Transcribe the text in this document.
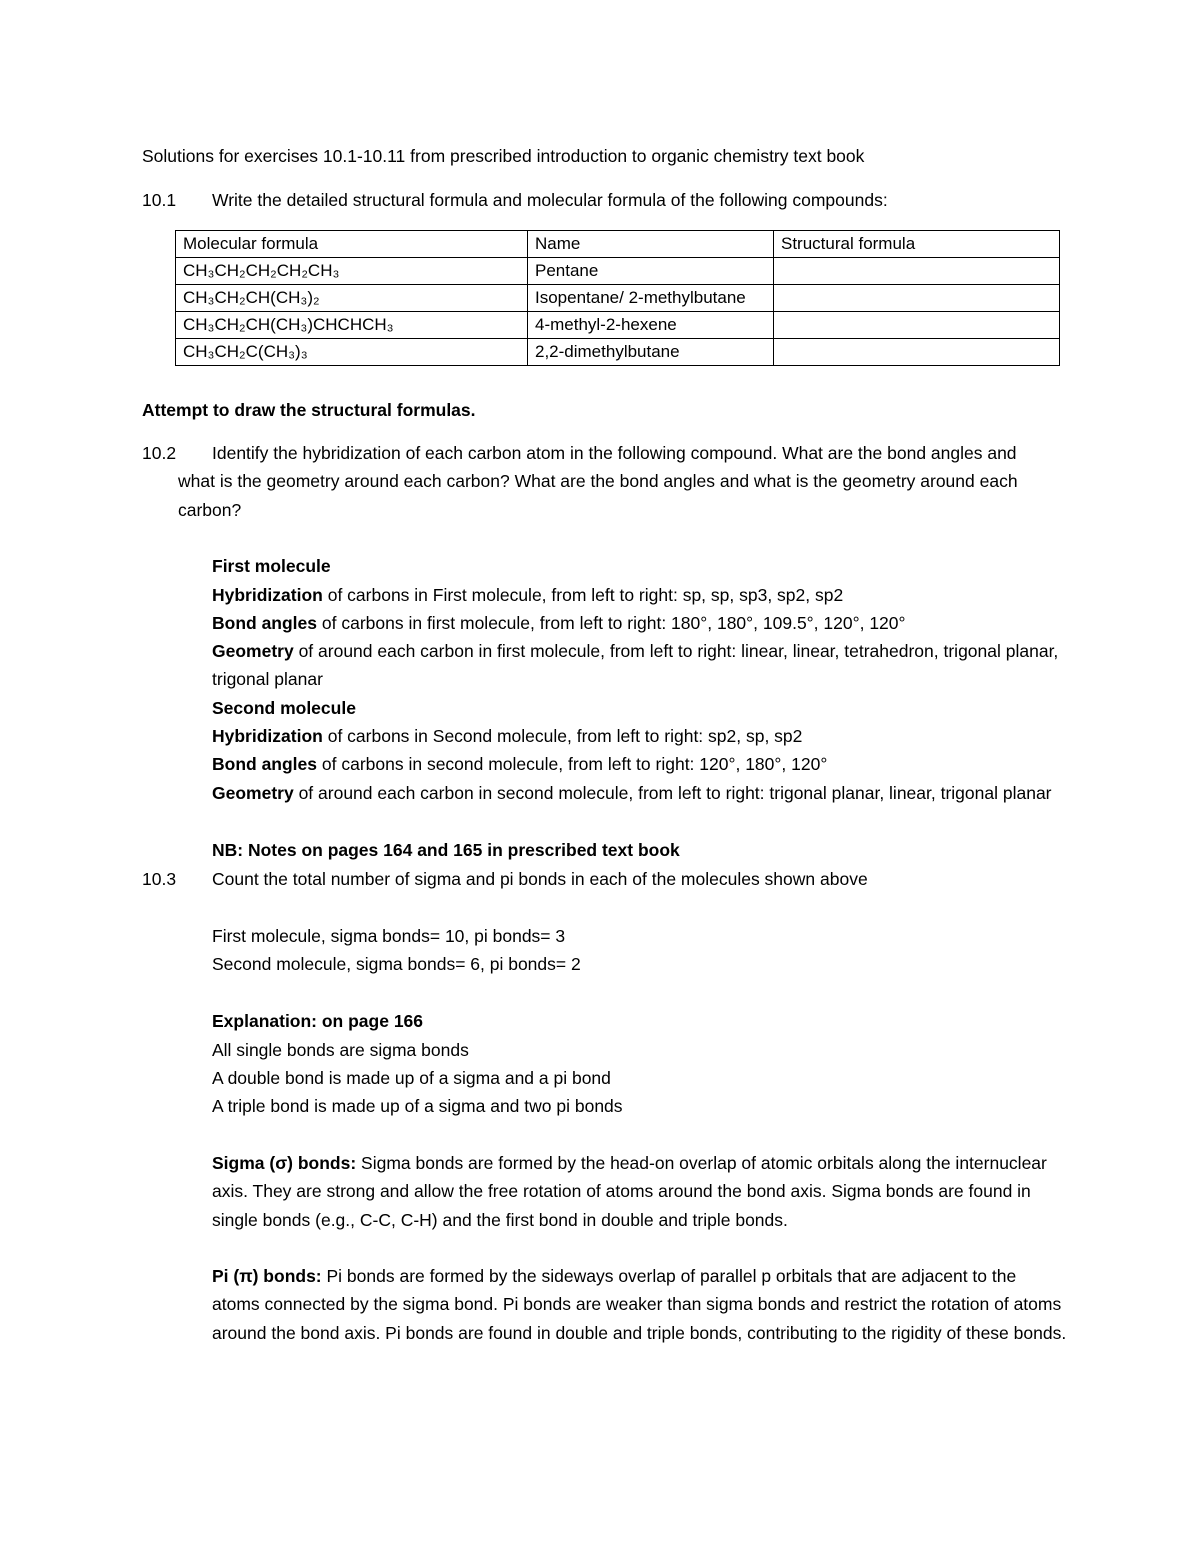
Solutions for exercises 10.1-10.11 from prescribed introduction to organic chemistry text book
10.1 Write the detailed structural formula and molecular formula of the following compounds:
Molecular formula	Name	Structural formula
CH₃CH₂CH₂CH₂CH₃	Pentane	
CH₃CH₂CH(CH₃)₂	Isopentane/ 2-methylbutane	
CH₃CH₂CH(CH₃)CHCHCH₃	4-methyl-2-hexene	
CH₃CH₂C(CH₃)₃	2,2-dimethylbutane	
Attempt to draw the structural formulas.
10.2	Identify the hybridization of each carbon atom in the following compound. What are the bond angles and what is the geometry around each carbon? What are the bond angles and what is the geometry around each carbon?
First molecule
Hybridization of carbons in First molecule, from left to right: sp, sp, sp3, sp2, sp2
Bond angles of carbons in first molecule, from left to right: 180°, 180°, 109.5°, 120°, 120°
Geometry of around each carbon in first molecule, from left to right: linear, linear, tetrahedron, trigonal planar, trigonal planar
Second molecule
Hybridization of carbons in Second molecule, from left to right: sp2, sp, sp2
Bond angles of carbons in second molecule, from left to right: 120°, 180°, 120°
Geometry of around each carbon in second molecule, from left to right: trigonal planar, linear, trigonal planar
NB: Notes on pages 164 and 165 in prescribed text book
10.3 Count the total number of sigma and pi bonds in each of the molecules shown above
First molecule, sigma bonds= 10, pi bonds= 3
Second molecule, sigma bonds= 6, pi bonds= 2
Explanation: on page 166
All single bonds are sigma bonds
A double bond is made up of a sigma and a pi bond
A triple bond is made up of a sigma and two pi bonds
Sigma (σ) bonds: Sigma bonds are formed by the head-on overlap of atomic orbitals along the internuclear axis. They are strong and allow the free rotation of atoms around the bond axis. Sigma bonds are found in single bonds (e.g., C-C, C-H) and the first bond in double and triple bonds.
Pi (π) bonds: Pi bonds are formed by the sideways overlap of parallel p orbitals that are adjacent to the atoms connected by the sigma bond. Pi bonds are weaker than sigma bonds and restrict the rotation of atoms around the bond axis. Pi bonds are found in double and triple bonds, contributing to the rigidity of these bonds.
